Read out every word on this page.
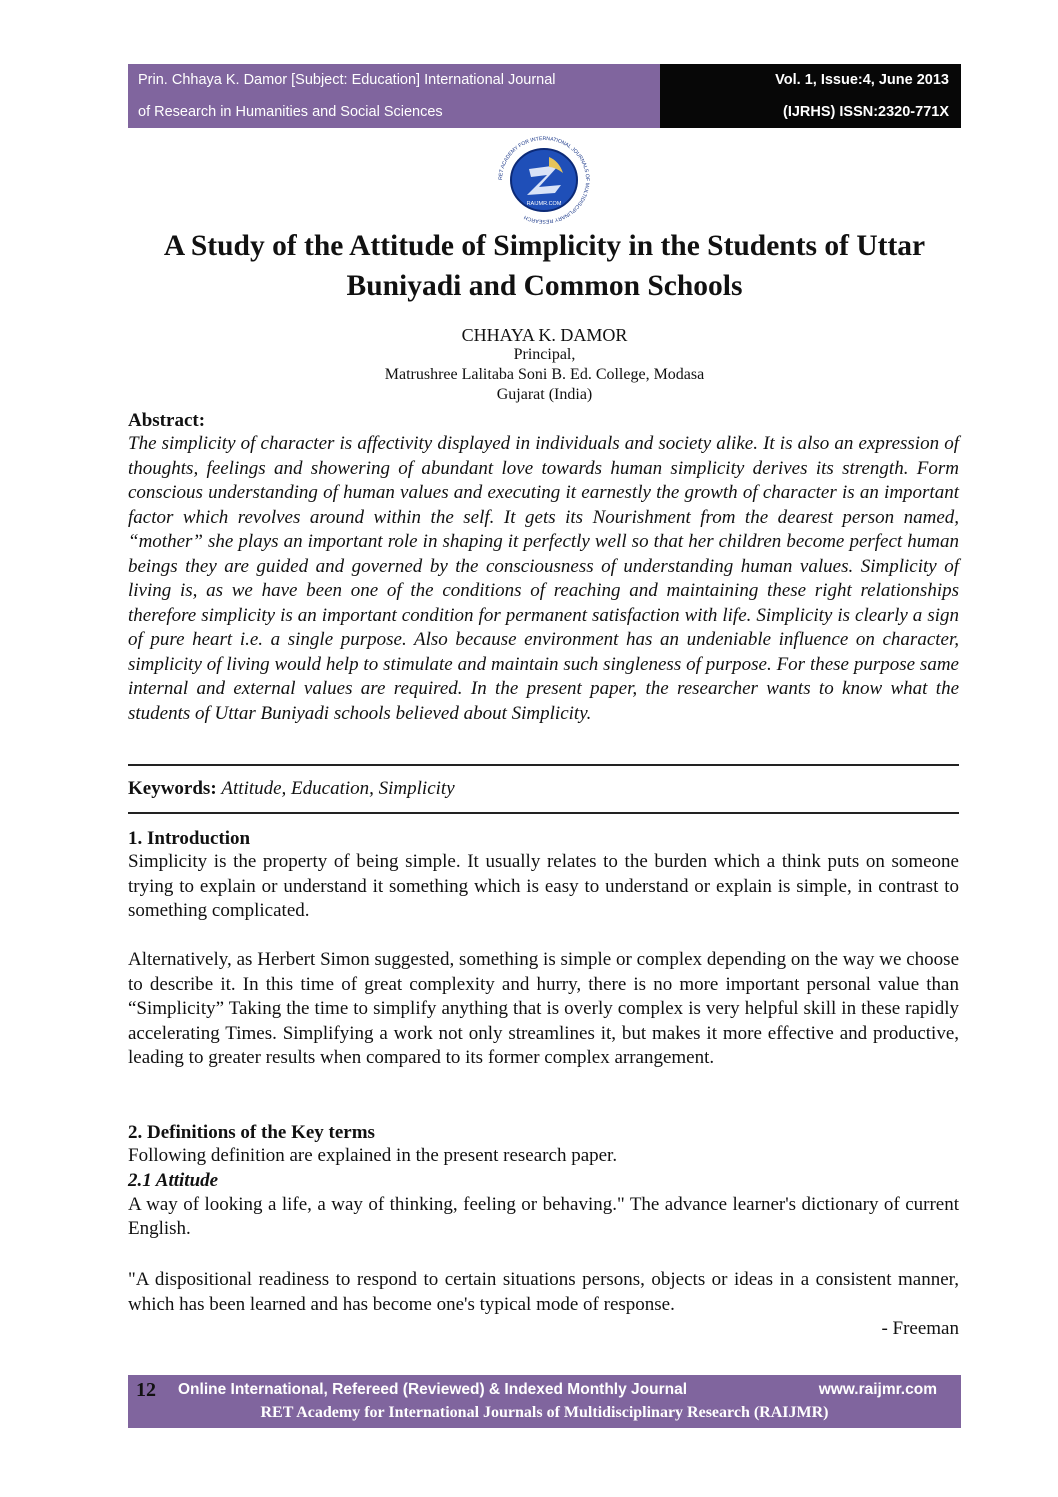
Prin. Chhaya K. Damor [Subject: Education] International Journal
of Research in Humanities and Social Sciences
Vol. 1, Issue:4, June 2013
(IJRHS) ISSN:2320-771X
RAIJMR.COM
RET ACADEMY FOR INTERNATIONAL JOURNALS OF MULTIDISCIPLINARY RESEARCH
A Study of the Attitude of Simplicity in the Students of Uttar
Buniyadi and Common Schools
CHHAYA K. DAMOR
Principal,
Matrushree Lalitaba Soni B. Ed. College, Modasa
Gujarat (India)
Abstract:

The simplicity of character is affectivity displayed in individuals and society alike. It is also an expression of thoughts, feelings and showering of abundant love towards human simplicity derives its strength. Form conscious understanding of human values and executing it earnestly the growth of character is an important factor which revolves around within the self. It gets its Nourishment from the dearest person named, “mother” she plays an important role in shaping it perfectly well so that her children become perfect human beings they are guided and governed by the consciousness of understanding human values. Simplicity of living is, as we have been one of the conditions of reaching and maintaining these right relationships therefore simplicity is an important condition for permanent satisfaction with life. Simplicity is clearly a sign of pure heart i.e. a single purpose. Also because environment has an undeniable influence on character, simplicity of living would help to stimulate and maintain such singleness of purpose. For these purpose same internal and external values are required. In the present paper, the researcher wants to know what the students of Uttar Buniyadi schools believed about Simplicity.

Keywords: Attitude, Education, Simplicity
1. Introduction

Simplicity is the property of being simple. It usually relates to the burden which a think puts on someone trying to explain or understand it something which is easy to understand or explain is simple, in contrast to something complicated.

Alternatively, as Herbert Simon suggested, something is simple or complex depending on the way we choose to describe it. In this time of great complexity and hurry, there is no more important personal value than “Simplicity” Taking the time to simplify anything that is overly complex is very helpful skill in these rapidly accelerating Times. Simplifying a work not only streamlines it, but makes it more effective and productive, leading to greater results when compared to its former complex arrangement.

2. Definitions of the Key terms
Following definition are explained in the present research paper.
2.1 Attitude

A way of looking a life, a way of thinking, feeling or behaving." The advance learner's dictionary of current English.

"A dispositional readiness to respond to certain situations persons, objects or ideas in a consistent manner, which has been learned and has become one's typical mode of response.

- Freeman
12 Online International, Refereed (Reviewed) & Indexed Monthly Journal	www.raijmr.com
RET Academy for International Journals of Multidisciplinary Research (RAIJMR)
